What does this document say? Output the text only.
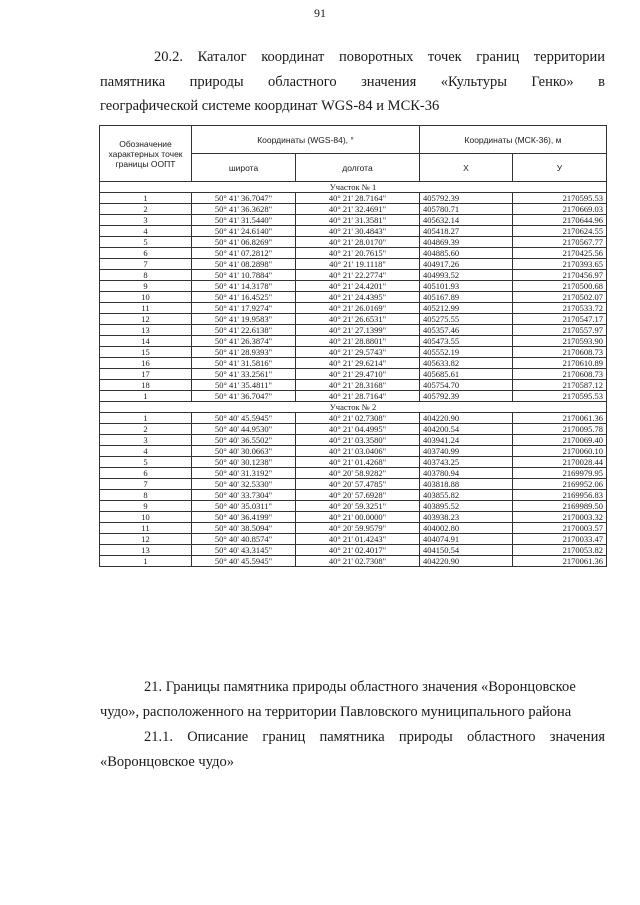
91
20.2. Каталог координат поворотных точек границ территории
памятника природы областного значения «Культуры Генко» в
географической системе координат WGS-84 и МСК-36
Обозначение характерных точек границы ООПТ	Координаты (WGS-84), °		Координаты (МСК-36), м	
	широта	долгота	X	У
Участок № 1				
1	50° 41' 36.7047"	40° 21' 28.7164"	405792.39	2170595.53
2	50° 41' 36.3628"	40° 21' 32.4691"	405780.71	2170669.03
3	50° 41' 31.5440"	40° 21' 31.3581"	405632.14	2170644.96
4	50° 41' 24.6140"	40° 21' 30.4843"	405418.27	2170624.55
5	50° 41' 06.8269"	40° 21' 28.0170"	404869.39	2170567.77
6	50° 41' 07.2812"	40° 21' 20.7615"	404885.60	2170425.56
7	50° 41' 08.2898"	40° 21' 19.1118"	404917.26	2170393.65
8	50° 41' 10.7884"	40° 21' 22.2774"	404993.52	2170456.97
9	50° 41' 14.3178"	40° 21' 24.4201"	405101.93	2170500.68
10	50° 41' 16.4525"	40° 21' 24.4395"	405167.89	2170502.07
11	50° 41' 17.9274"	40° 21' 26.0169"	405212.99	2170533.72
12	50° 41' 19.9583"	40° 21' 26.6531"	405275.55	2170547.17
13	50° 41' 22.6138"	40° 21' 27.1399"	405357.46	2170557.97
14	50° 41' 26.3874"	40° 21' 28.8801"	405473.55	2170593.90
15	50° 41' 28.9393"	40° 21' 29.5743"	405552.19	2170608.73
16	50° 41' 31.5816"	40° 21' 29.6214"	405633.82	2170610.89
17	50° 41' 33.2561"	40° 21' 29.4710"	405685.61	2170608.73
18	50° 41' 35.4811"	40° 21' 28.3168"	405754.70	2170587.12
1	50° 41' 36.7047"	40° 21' 28.7164"	405792.39	2170595.53
Участок № 2				
1	50° 40' 45.5945"	40° 21' 02.7308"	404220.90	2170061.36
2	50° 40' 44.9530"	40° 21' 04.4995"	404200.54	2170095.78
3	50° 40' 36.5502"	40° 21' 03.3580"	403941.24	2170069.40
4	50° 40' 30.0663"	40° 21' 03.0406"	403740.99	2170060.10
5	50° 40' 30.1238"	40° 21' 01.4268"	403743.25	2170028.44
6	50° 40' 31.3192"	40° 20' 58.9282"	403780.94	2169979.95
7	50° 40' 32.5330"	40° 20' 57.4785"	403818.88	2169952.06
8	50° 40' 33.7304"	40° 20' 57.6928"	403855.82	2169956.83
9	50° 40' 35.0311"	40° 20' 59.3251"	403895.52	2169989.50
10	50° 40' 36.4199"	40° 21' 00.0000"	403938.23	2170003.32
11	50° 40' 38.5094"	40° 20' 59.9579"	404002.80	2170003.57
12	50° 40' 40.8574"	40° 21' 01.4243"	404074.91	2170033.47
13	50° 40' 43.3145"	40° 21' 02.4017"	404150.54	2170053.82
1	50° 40' 45.5945"	40° 21' 02.7308"	404220.90	2170061.36
21. Границы памятника природы областного значения «Воронцовское
чудо», расположенного на территории Павловского муниципального района
21.1. Описание границ памятника природы областного значения
«Воронцовское чудо»
